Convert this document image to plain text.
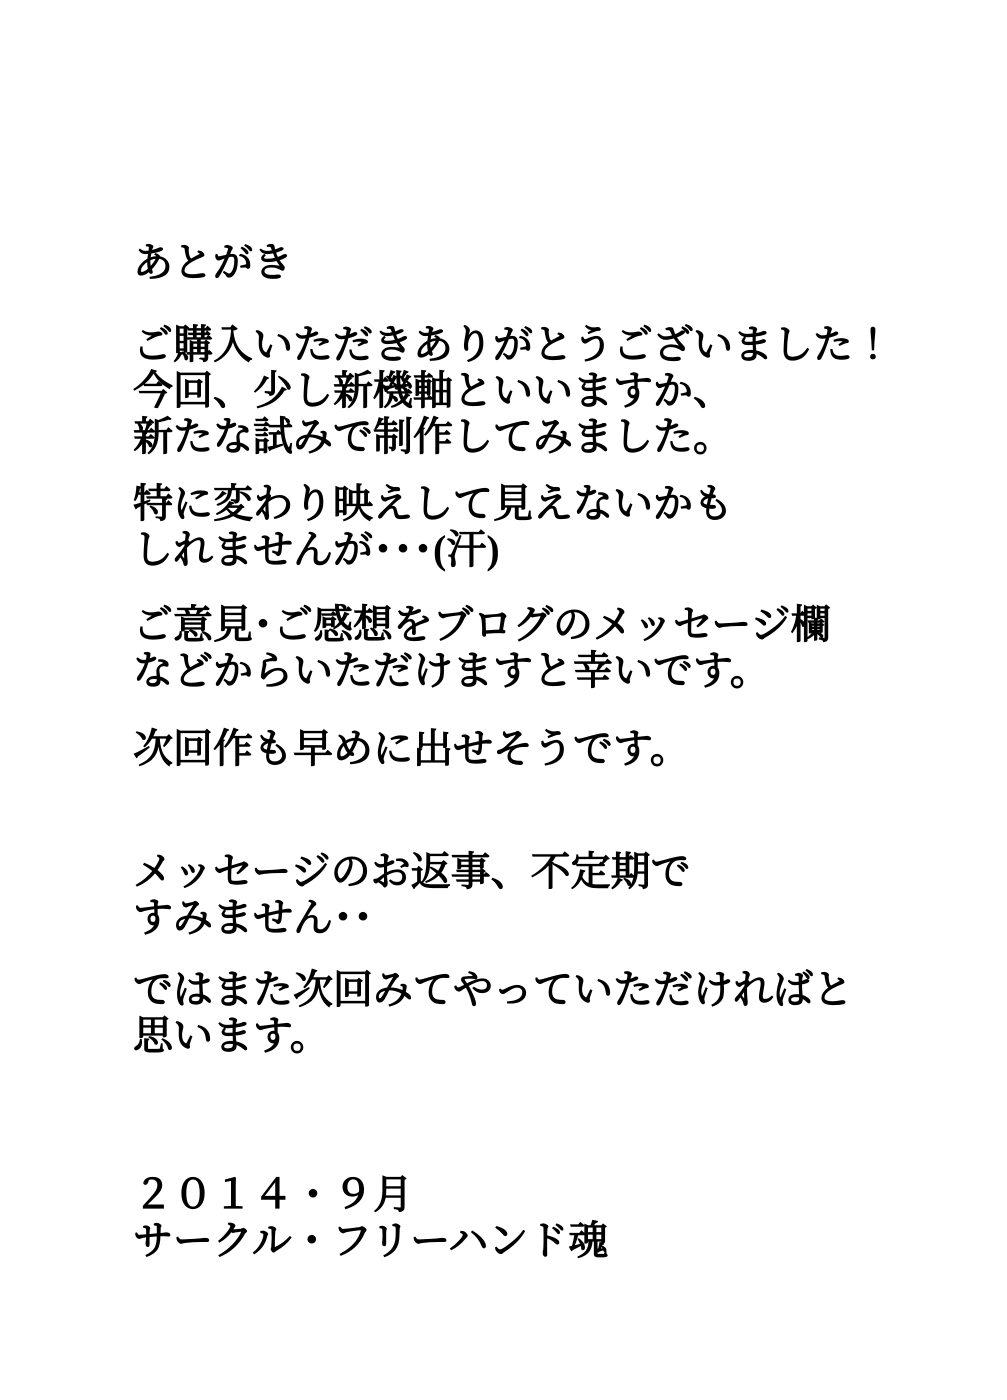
あとがき
ご購入いただきありがとうございました！
今回、少し新機軸といいますか、
新たな試みで制作してみました。
特に変わり映えして見えないかも
しれませんが･･･(汗)
ご意見･ご感想をブログのメッセージ欄
などからいただけますと幸いです。
次回作も早めに出せそうです。
メッセージのお返事、不定期で
すみません･･
ではまた次回みてやっていただければと
思います。
２０１４・９月
サークル・フリーハンド魂
